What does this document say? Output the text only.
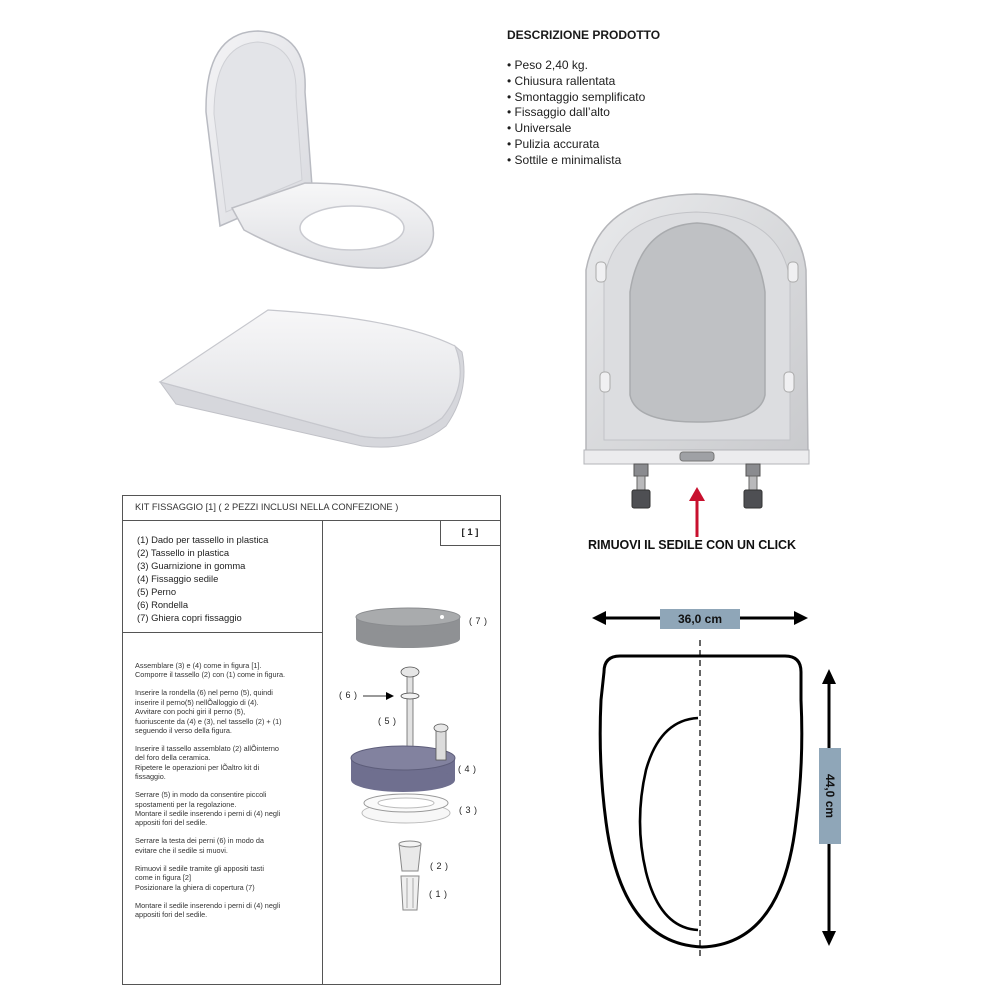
DESCRIZIONE PRODOTTO
• Peso 2,40 kg.
• Chiusura rallentata
• Smontaggio semplificato
• Fissaggio dall’alto
• Universale
• Pulizia accurata
• Sottile e minimalista
RIMUOVI IL SEDILE CON UN CLICK
KIT FISSAGGIO [1] ( 2 PEZZI INCLUSI NELLA CONFEZIONE )
[ 1 ]
(1) Dado per tassello in plastica
(2) Tassello in plastica
(3) Guarnizione in gomma
(4) Fissaggio sedile
(5) Perno
(6) Rondella
(7) Ghiera copri fissaggio

Assemblare (3) e (4) come in figura [1].
Comporre il tassello (2) con (1) come in figura.

Inserire la rondella (6) nel perno (5), quindi
inserire il perno(5) nellÕalloggio di (4).
Avvitare con pochi giri il perno (5),
fuoriuscente da (4) e (3), nel tassello (2) + (1)
seguendo il verso della figura.

Inserire il tassello assemblato (2) allÕinterno
del foro della ceramica.
Ripetere le operazioni per lÕaltro kit di
fissaggio.

Serrare (5) in modo da consentire piccoli
spostamenti per la regolazione.
Montare il sedile inserendo i perni di (4) negli
appositi fori del sedile.

Serrare la testa dei perni (6) in modo da
evitare che il sedile si muovi.

Rimuovi il sedile tramite gli appositi tasti
come in figura [2]
Posizionare la ghiera di copertura (7)

Montare il sedile inserendo i perni di (4) negli
appositi fori del sedile.

( 7 )
( 6 )
( 5 )
( 4 )
( 3 )
( 2 )
( 1 )
36,0 cm
44,0 cm
